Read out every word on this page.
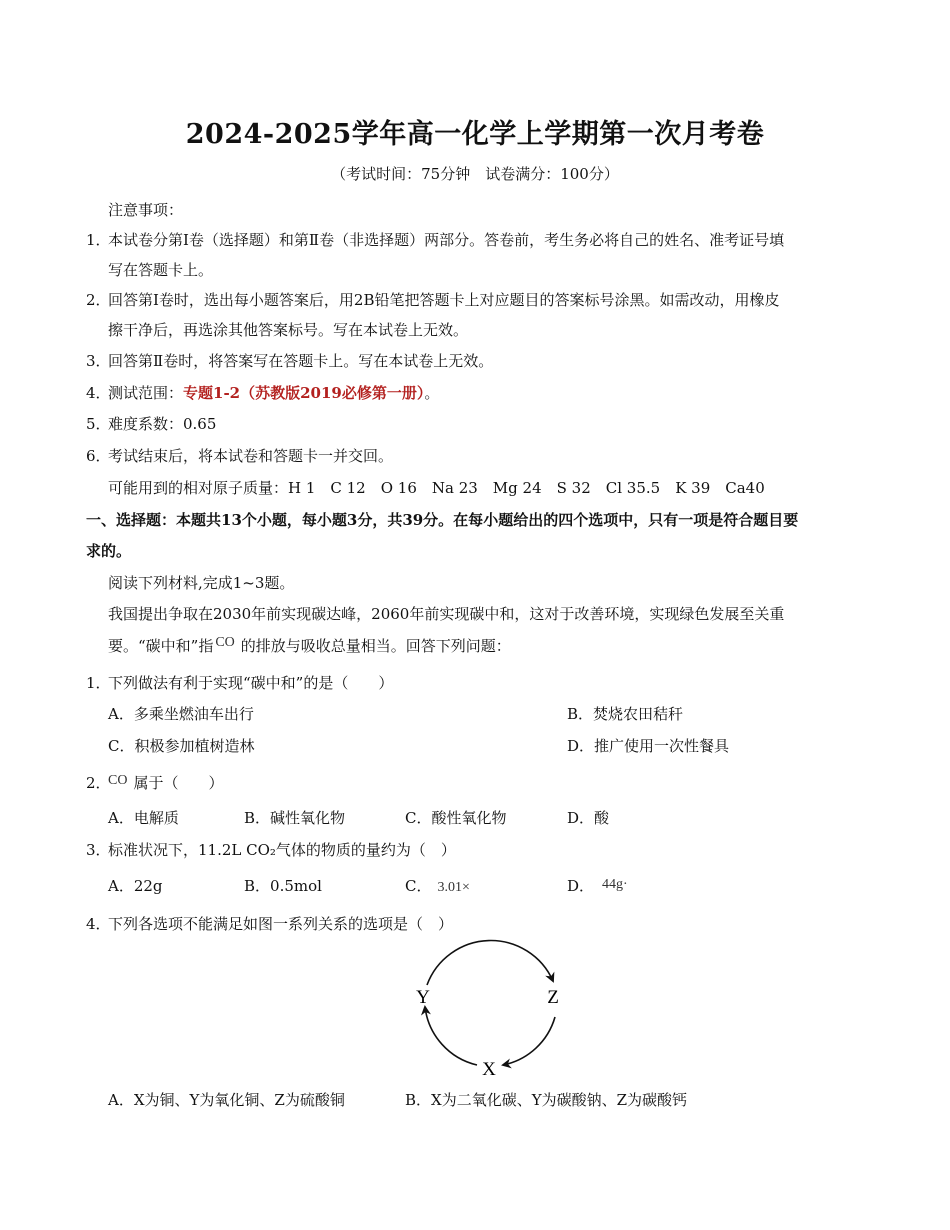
2024-2025学年高一化学上学期第一次月考卷
（考试时间：75分钟　试卷满分：100分）
注意事项：
1．
本试卷分第Ⅰ卷（选择题）和第Ⅱ卷（非选择题）两部分。答卷前，考生务必将自己的姓名、准考证号填
写在答题卡上。
2．
回答第Ⅰ卷时，选出每小题答案后，用2B铅笔把答题卡上对应题目的答案标号涂黑。如需改动，用橡皮
擦干净后，再选涂其他答案标号。写在本试卷上无效。
3．
回答第Ⅱ卷时，将答案写在答题卡上。写在本试卷上无效。
4．
测试范围：专题1-2（苏教版2019必修第一册）。
5．
难度系数：0.65
6．
考试结束后，将本试卷和答题卡一并交回。
可能用到的相对原子质量：H 1　C 12　O 16　Na 23　Mg 24　S 32　Cl 35.5　K 39　Ca40
一、选择题：本题共13个小题，每小题3分，共39分。在每小题给出的四个选项中，只有一项是符合题目要
求的。
阅读下列材料,完成1~3题。
我国提出争取在2030年前实现碳达峰，2060年前实现碳中和，这对于改善环境，实现绿色发展至关重
要。“碳中和”指 CO 的排放与吸收总量相当。回答下列问题：
1．
下列做法有利于实现“碳中和”的是（　　）
A．多乘坐燃油车出行	B．焚烧农田秸秆
C．积极参加植树造林	D．推广使用一次性餐具
2．
CO 属于（　　）
A．电解质	B．碱性氧化物	C．酸性氧化物	D．酸
3．
标准状况下，11.2L CO₂气体的物质的量约为（　）
A．22g	B．0.5mol	C． 3.01×	D． 44g·
4．
下列各选项不能满足如图一系列关系的选项是（　）
Y	Z
X
A．X为铜、Y为氧化铜、Z为硫酸铜	B．X为二氧化碳、Y为碳酸钠、Z为碳酸钙
